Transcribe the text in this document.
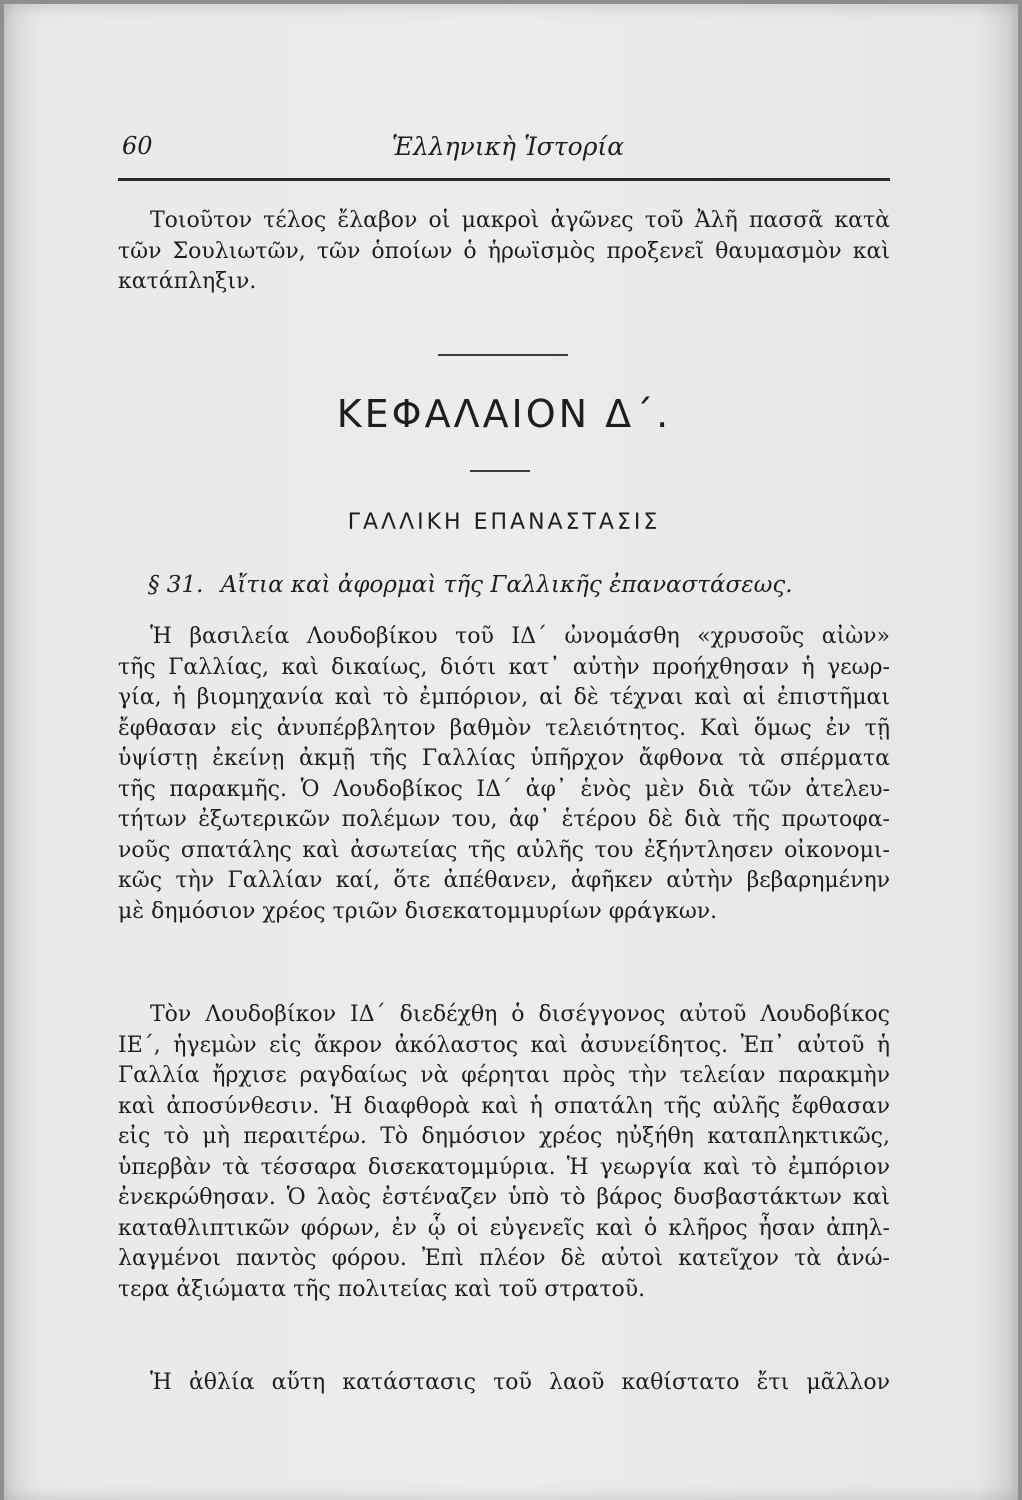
60	Ἑλληνικὴ Ἱστορία
Τοιοῦτον τέλος ἔλαβον οἱ μακροὶ ἀγῶνες τοῦ Ἀλῆ πασσᾶ κατὰ
τῶν Σουλιωτῶν, τῶν ὁποίων ὁ ἡρωϊσμὸς προξενεῖ θαυμασμὸν καὶ
κατάπληξιν.
ΚΕΦΑΛΑΙΟΝ Δ΄.
ΓΑΛΛΙΚΗ ΕΠΑΝΑΣΤΑΣΙΣ
§ 31. Αἴτια καὶ ἀφορμαὶ τῆς Γαλλικῆς ἐπαναστάσεως.
Ἡ βασιλεία Λουδοβίκου τοῦ ΙΔ΄ ὠνομάσθη «χρυσοῦς αἰὼν»
τῆς Γαλλίας, καὶ δικαίως, διότι κατ᾽ αὐτὴν προήχθησαν ἡ γεωρ-
γία, ἡ βιομηχανία καὶ τὸ ἐμπόριον, αἱ δὲ τέχναι καὶ αἱ ἐπιστῆμαι
ἔφθασαν εἰς ἀνυπέρβλητον βαθμὸν τελειότητος. Καὶ ὅμως ἐν τῇ
ὑψίστῃ ἐκείνῃ ἀκμῇ τῆς Γαλλίας ὑπῆρχον ἄφθονα τὰ σπέρματα
τῆς παρακμῆς. Ὁ Λουδοβίκος ΙΔ΄ ἀφ᾽ ἑνὸς μὲν διὰ τῶν ἀτελευ-
τήτων ἐξωτερικῶν πολέμων του, ἀφ᾽ ἑτέρου δὲ διὰ τῆς πρωτοφα-
νοῦς σπατάλης καὶ ἀσωτείας τῆς αὐλῆς του ἐξήντλησεν οἰκονομι-
κῶς τὴν Γαλλίαν καί, ὅτε ἀπέθανεν, ἀφῆκεν αὐτὴν βεβαρημένην
μὲ δημόσιον χρέος τριῶν δισεκατομμυρίων φράγκων.
Τὸν Λουδοβίκον ΙΔ΄ διεδέχθη ὁ δισέγγονος αὐτοῦ Λουδοβίκος
ΙΕ΄, ἡγεμὼν εἰς ἄκρον ἀκόλαστος καὶ ἀσυνείδητος. Ἐπ᾽ αὐτοῦ ἡ
Γαλλία ἤρχισε ραγδαίως νὰ φέρηται πρὸς τὴν τελείαν παρακμὴν
καὶ ἀποσύνθεσιν. Ἡ διαφθορὰ καὶ ἡ σπατάλη τῆς αὐλῆς ἔφθασαν
εἰς τὸ μὴ περαιτέρω. Τὸ δημόσιον χρέος ηὐξήθη καταπληκτικῶς,
ὑπερβὰν τὰ τέσσαρα δισεκατομμύρια. Ἡ γεωργία καὶ τὸ ἐμπόριον
ἐνεκρώθησαν. Ὁ λαὸς ἐστέναζεν ὑπὸ τὸ βάρος δυσβαστάκτων καὶ
καταθλιπτικῶν φόρων, ἐν ᾧ οἱ εὐγενεῖς καὶ ὁ κλῆρος ἦσαν ἀπηλ-
λαγμένοι παντὸς φόρου. Ἐπὶ πλέον δὲ αὐτοὶ κατεῖχον τὰ ἀνώ-
τερα ἀξιώματα τῆς πολιτείας καὶ τοῦ στρατοῦ.
Ἡ ἀθλία αὕτη κατάστασις τοῦ λαοῦ καθίστατο ἔτι μᾶλλον
